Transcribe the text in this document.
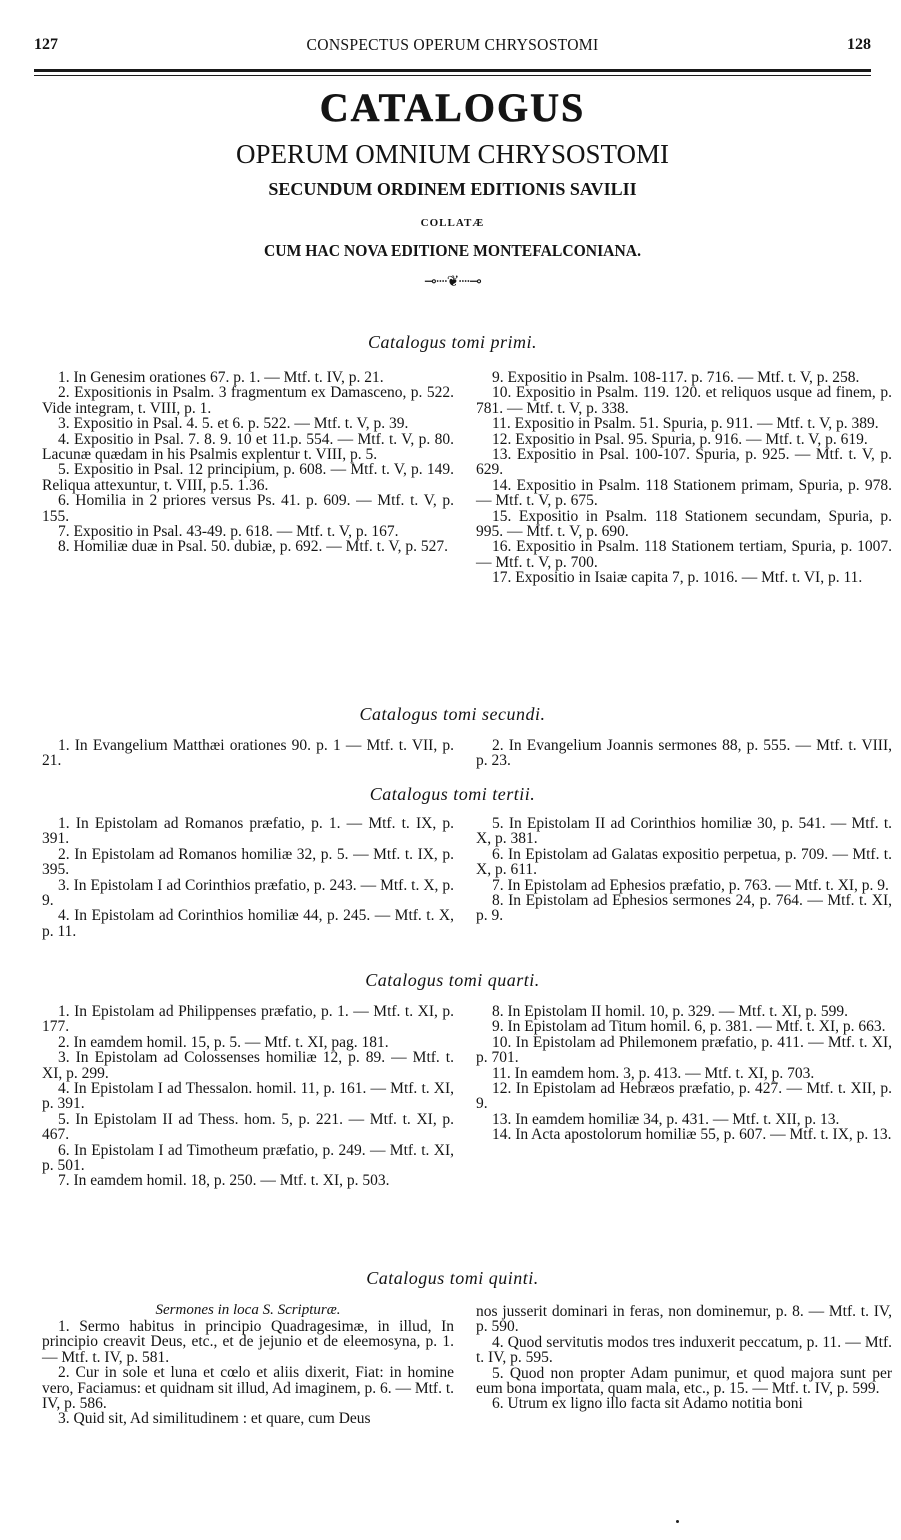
127	CONSPECTUS OPERUM CHRYSOSTOMI	128
CATALOGUS
OPERUM OMNIUM CHRYSOSTOMI
SECUNDUM ORDINEM EDITIONIS SAVILII
COLLATÆ
CUM HAC NOVA EDITIONE MONTEFALCONIANA.
⊸∙∙∙∙❦∙∙∙∙⊸
Catalogus tomi primi.

1. In Genesim orationes 67. p. 1. — Mtf. t. IV, p. 21.

2. Expositionis in Psalm. 3 fragmentum ex Damasceno, p. 522. Vide integram, t. VIII, p. 1.

3. Expositio in Psal. 4. 5. et 6. p. 522. — Mtf. t. V, p. 39.

4. Expositio in Psal. 7. 8. 9. 10 et 11.p. 554. — Mtf. t. V, p. 80. Lacunæ quædam in his Psalmis explentur t. VIII, p. 5.

5. Expositio in Psal. 12 principium, p. 608. — Mtf. t. V, p. 149. Reliqua attexuntur, t. VIII, p.5. 1.36.

6. Homilia in 2 priores versus Ps. 41. p. 609. — Mtf. t. V, p. 155.

7. Expositio in Psal. 43-49. p. 618. — Mtf. t. V, p. 167.

8. Homiliæ duæ in Psal. 50. dubiæ, p. 692. — Mtf. t. V, p. 527.

9. Expositio in Psalm. 108-117. p. 716. — Mtf. t. V, p. 258.

10. Expositio in Psalm. 119. 120. et reliquos usque ad finem, p. 781. — Mtf. t. V, p. 338.

11. Expositio in Psalm. 51. Spuria, p. 911. — Mtf. t. V, p. 389.

12. Expositio in Psal. 95. Spuria, p. 916. — Mtf. t. V, p. 619.

13. Expositio in Psal. 100-107. Spuria, p. 925. — Mtf. t. V, p. 629.

14. Expositio in Psalm. 118 Stationem primam, Spuria, p. 978. — Mtf. t. V, p. 675.

15. Expositio in Psalm. 118 Stationem secundam, Spuria, p. 995. — Mtf. t. V, p. 690.

16. Expositio in Psalm. 118 Stationem tertiam, Spuria, p. 1007. — Mtf. t. V, p. 700.

17. Expositio in Isaiæ capita 7, p. 1016. — Mtf. t. VI, p. 11.

Catalogus tomi secundi.

1. In Evangelium Matthæi orationes 90. p. 1 — Mtf. t. VII, p. 21.

2. In Evangelium Joannis sermones 88, p. 555. — Mtf. t. VIII, p. 23.

Catalogus tomi tertii.

1. In Epistolam ad Romanos præfatio, p. 1. — Mtf. t. IX, p. 391.

2. In Epistolam ad Romanos homiliæ 32, p. 5. — Mtf. t. IX, p. 395.

3. In Epistolam I ad Corinthios præfatio, p. 243. — Mtf. t. X, p. 9.

4. In Epistolam ad Corinthios homiliæ 44, p. 245. — Mtf. t. X, p. 11.

5. In Epistolam II ad Corinthios homiliæ 30, p. 541. — Mtf. t. X, p. 381.

6. In Epistolam ad Galatas expositio perpetua, p. 709. — Mtf. t. X, p. 611.

7. In Epistolam ad Ephesios præfatio, p. 763. — Mtf. t. XI, p. 9.

8. In Epistolam ad Ephesios sermones 24, p. 764. — Mtf. t. XI, p. 9.

Catalogus tomi quarti.

1. In Epistolam ad Philippenses præfatio, p. 1. — Mtf. t. XI, p. 177.

2. In eamdem homil. 15, p. 5. — Mtf. t. XI, pag. 181.

3. In Epistolam ad Colossenses homiliæ 12, p. 89. — Mtf. t. XI, p. 299.

4. In Epistolam I ad Thessalon. homil. 11, p. 161. — Mtf. t. XI, p. 391.

5. In Epistolam II ad Thess. hom. 5, p. 221. — Mtf. t. XI, p. 467.

6. In Epistolam I ad Timotheum præfatio, p. 249. — Mtf. t. XI, p. 501.

7. In eamdem homil. 18, p. 250. — Mtf. t. XI, p. 503.

8. In Epistolam II homil. 10, p. 329. — Mtf. t. XI, p. 599.

9. In Epistolam ad Titum homil. 6, p. 381. — Mtf. t. XI, p. 663.

10. In Epistolam ad Philemonem præfatio, p. 411. — Mtf. t. XI, p. 701.

11. In eamdem hom. 3, p. 413. — Mtf. t. XI, p. 703.

12. In Epistolam ad Hebræos præfatio, p. 427. — Mtf. t. XII, p. 9.

13. In eamdem homiliæ 34, p. 431. — Mtf. t. XII, p. 13.

14. In Acta apostolorum homiliæ 55, p. 607. — Mtf. t. IX, p. 13.

Catalogus tomi quinti.
Sermones in loca S. Scripturæ.

1. Sermo habitus in principio Quadragesimæ, in illud, In principio creavit Deus, etc., et de jejunio et de eleemosyna, p. 1. — Mtf. t. IV, p. 581.

2. Cur in sole et luna et cœlo et aliis dixerit, Fiat: in homine vero, Faciamus: et quidnam sit illud, Ad imaginem, p. 6. — Mtf. t. IV, p. 586.

3. Quid sit, Ad similitudinem : et quare, cum Deus

nos jusserit dominari in feras, non dominemur, p. 8. — Mtf. t. IV, p. 590.

4. Quod servitutis modos tres induxerit peccatum, p. 11. — Mtf. t. IV, p. 595.

5. Quod non propter Adam punimur, et quod majora sunt per eum bona importata, quam mala, etc., p. 15. — Mtf. t. IV, p. 599.

6. Utrum ex ligno illo facta sit Adamo notitia boni
